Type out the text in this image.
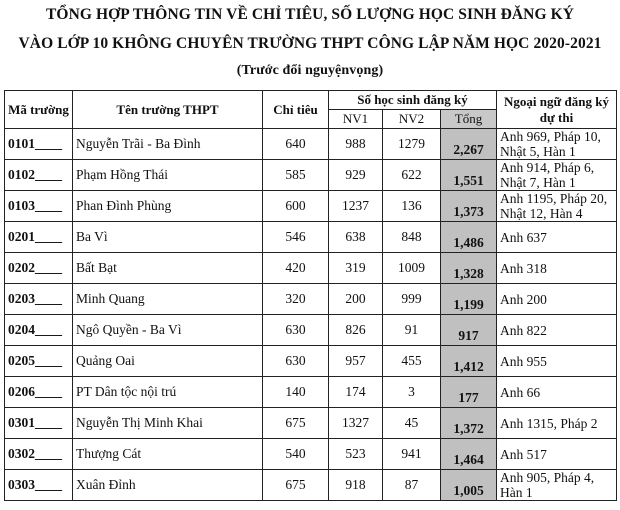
TỔNG HỢP THÔNG TIN VỀ CHỈ TIÊU, SỐ LƯỢNG HỌC SINH ĐĂNG KÝ
VÀO LỚP 10 KHÔNG CHUYÊN TRƯỜNG THPT CÔNG LẬP NĂM HỌC 2020-2021
(Trước đổi nguyệnvọng)
Mã trường	Tên trường THPT	Chỉ tiêu	Số học sinh đăng ký			Ngoại ngữ đăng ký dự thi
			NV1	NV2	Tổng	
0101____	Nguyễn Trãi - Ba Đình	640	988	1279	2,267	Anh 969, Pháp 10, Nhật 5, Hàn 1
0102____	Phạm Hồng Thái	585	929	622	1,551	Anh 914, Pháp 6, Nhật 7, Hàn 1
0103____	Phan Đình Phùng	600	1237	136	1,373	Anh 1195, Pháp 20, Nhật 12, Hàn 4
0201____	Ba Vì	546	638	848	1,486	Anh 637
0202____	Bất Bạt	420	319	1009	1,328	Anh 318
0203____	Minh Quang	320	200	999	1,199	Anh 200
0204____	Ngô Quyền - Ba Vì	630	826	91	917	Anh 822
0205____	Quảng Oai	630	957	455	1,412	Anh 955
0206____	PT Dân tộc nội trú	140	174	3	177	Anh 66
0301____	Nguyễn Thị Minh Khai	675	1327	45	1,372	Anh 1315, Pháp 2
0302____	Thượng Cát	540	523	941	1,464	Anh 517
0303____	Xuân Đỉnh	675	918	87	1,005	Anh 905, Pháp 4, Hàn 1
